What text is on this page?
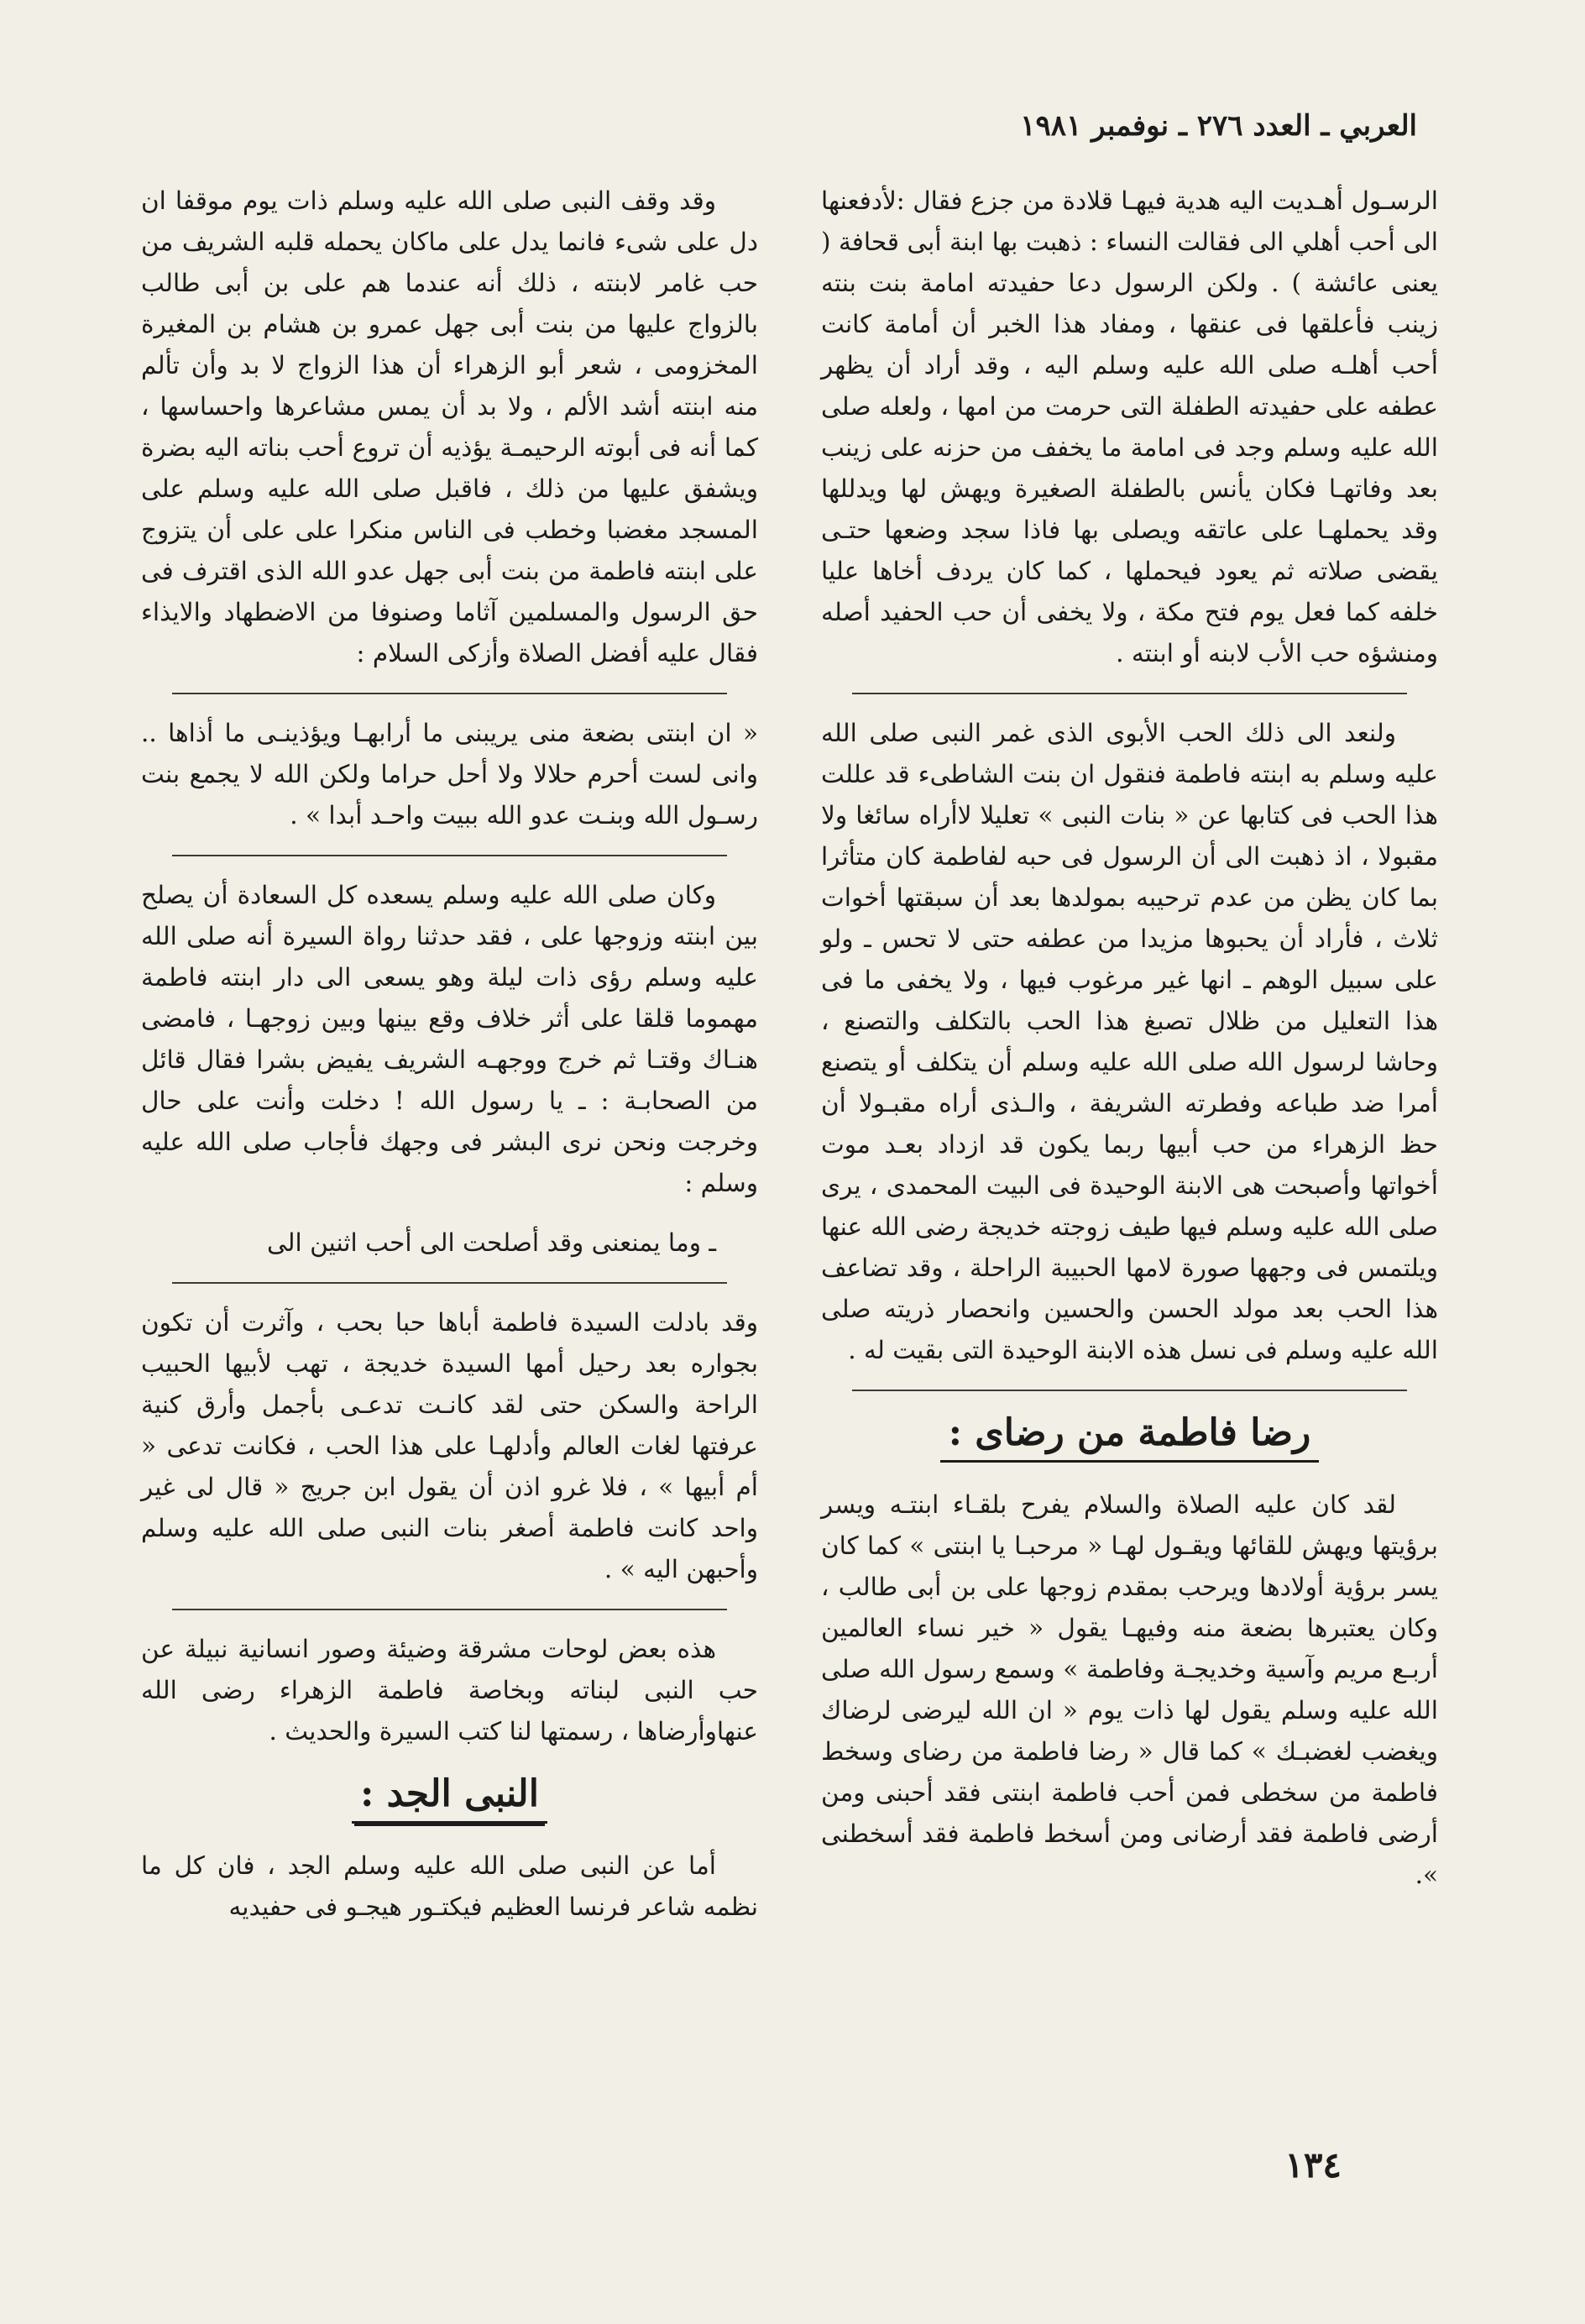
العربي ـ العدد ٢٧٦ ـ نوفمبر ١٩٨١

الرسـول أهـديت اليه هدية فيهـا قلادة من جزع فقال :لأدفعنها الى أحب أهلي الى فقالت النساء : ذهبت بها ابنة أبى قحافة ( يعنى عائشة ) . ولكن الرسول دعا حفيدته امامة بنت بنته زينب فأعلقها فى عنقها ، ومفاد هذا الخبر أن أمامة كانت أحب أهلـه صلى الله عليه وسلم اليه ، وقد أراد أن يظهر عطفه على حفيدته الطفلة التى حرمت من امها ، ولعله صلى الله عليه وسلم وجد فى امامة ما يخفف من حزنه على زينب بعد وفاتهـا فكان يأنس بالطفلة الصغيرة ويهش لها ويدللها وقد يحملهـا على عاتقه ويصلى بها فاذا سجد وضعها حتـى يقضى صلاته ثم يعود فيحملها ، كما كان يردف أخاها عليا خلفه كما فعل يوم فتح مكة ، ولا يخفى أن حب الحفيد أصله ومنشؤه حب الأب لابنه أو ابنته .

ولنعد الى ذلك الحب الأبوى الذى غمر النبى صلى الله عليه وسلم به ابنته فاطمة فنقول ان بنت الشاطىء قد عللت هذا الحب فى كتابها عن « بنات النبى » تعليلا لاأراه سائغا ولا مقبولا ، اذ ذهبت الى أن الرسول فى حبه لفاطمة كان متأثرا بما كان يظن من عدم ترحيبه بمولدها بعد أن سبقتها أخوات ثلاث ، فأراد أن يحبوها مزيدا من عطفه حتى لا تحس ـ ولو على سبيل الوهم ـ انها غير مرغوب فيها ، ولا يخفى ما فى هذا التعليل من ظلال تصبغ هذا الحب بالتكلف والتصنع ، وحاشا لرسول الله صلى الله عليه وسلم أن يتكلف أو يتصنع أمرا ضد طباعه وفطرته الشريفة ، والـذى أراه مقبـولا أن حظ الزهراء من حب أبيها ربما يكون قد ازداد بعـد موت أخواتها وأصبحت هى الابنة الوحيدة فى البيت المحمدى ، يرى صلى الله عليه وسلم فيها طيف زوجته خديجة رضى الله عنها ويلتمس فى وجهها صورة لامها الحبيبة الراحلة ، وقد تضاعف هذا الحب بعد مولد الحسن والحسين وانحصار ذريته صلى الله عليه وسلم فى نسل هذه الابنة الوحيدة التى بقيت له .

رضا فاطمة من رضاى :

لقد كان عليه الصلاة والسلام يفرح بلقـاء ابنتـه ويسر برؤيتها ويهش للقائها ويقـول لهـا « مرحبـا يا ابنتى » كما كان يسر برؤية أولادها ويرحب بمقدم زوجها على بن أبى طالب ، وكان يعتبرها بضعة منه وفيهـا يقول « خير نساء العالمين أربـع مريم وآسية وخديجـة وفاطمة » وسمع رسول الله صلى الله عليه وسلم يقول لها ذات يوم « ان الله ليرضى لرضاك ويغضب لغضبـك » كما قال « رضا فاطمة من رضاى وسخط فاطمة من سخطى فمن أحب فاطمة ابنتى فقد أحبنى ومن أرضى فاطمة فقد أرضانى ومن أسخط فاطمة فقد أسخطنى ».

وقد وقف النبى صلى الله عليه وسلم ذات يوم موقفا ان دل على شىء فانما يدل على ماكان يحمله قلبه الشريف من حب غامر لابنته ، ذلك أنه عندما هم على بن أبى طالب بالزواج عليها من بنت أبى جهل عمرو بن هشام بن المغيرة المخزومى ، شعر أبو الزهراء أن هذا الزواج لا بد وأن تألم منه ابنته أشد الألم ، ولا بد أن يمس مشاعرها واحساسها ، كما أنه فى أبوته الرحيمـة يؤذيه أن تروع أحب بناته اليه بضرة ويشفق عليها من ذلك ، فاقبل صلى الله عليه وسلم على المسجد مغضبا وخطب فى الناس منكرا على على أن يتزوج على ابنته فاطمة من بنت أبى جهل عدو الله الذى اقترف فى حق الرسول والمسلمين آثاما وصنوفا من الاضطهاد والايذاء فقال عليه أفضل الصلاة وأزكى السلام :

« ان ابنتى بضعة منى يريبنى ما أرابهـا ويؤذينـى ما أذاها .. وانى لست أحرم حلالا ولا أحل حراما ولكن الله لا يجمع بنت رسـول الله وبنـت عدو الله ببيت واحـد أبدا » .

وكان صلى الله عليه وسلم يسعده كل السعادة أن يصلح بين ابنته وزوجها على ، فقد حدثنا رواة السيرة أنه صلى الله عليه وسلم رؤى ذات ليلة وهو يسعى الى دار ابنته فاطمة مهموما قلقا على أثر خلاف وقع بينها وبين زوجهـا ، فامضى هنـاك وقتـا ثم خرج ووجهـه الشريف يفيض بشرا فقال قائل من الصحابـة : ـ يا رسول الله ! دخلت وأنت على حال وخرجت ونحن نرى البشر فى وجهك فأجاب صلى الله عليه وسلم :

ـ وما يمنعنى وقد أصلحت الى أحب اثنين الى

وقد بادلت السيدة فاطمة أباها حبا بحب ، وآثرت أن تكون بجواره بعد رحيل أمها السيدة خديجة ، تهب لأبيها الحبيب الراحة والسكن حتى لقد كانـت تدعـى بأجمل وأرق كنية عرفتها لغات العالم وأدلهـا على هذا الحب ، فكانت تدعى « أم أبيها » ، فلا غرو اذن أن يقول ابن جريج « قال لى غير واحد كانت فاطمة أصغر بنات النبى صلى الله عليه وسلم وأحبهن اليه » .

هذه بعض لوحات مشرقة وضيئة وصور انسانية نبيلة عن حب النبى لبناته وبخاصة فاطمة الزهراء رضى الله عنهاوأرضاها ، رسمتها لنا كتب السيرة والحديث .

النبى الجد :

أما عن النبى صلى الله عليه وسلم الجد ، فان كل ما نظمه شاعر فرنسا العظيم فيكتـور هيجـو فى حفيديه

١٣٤
